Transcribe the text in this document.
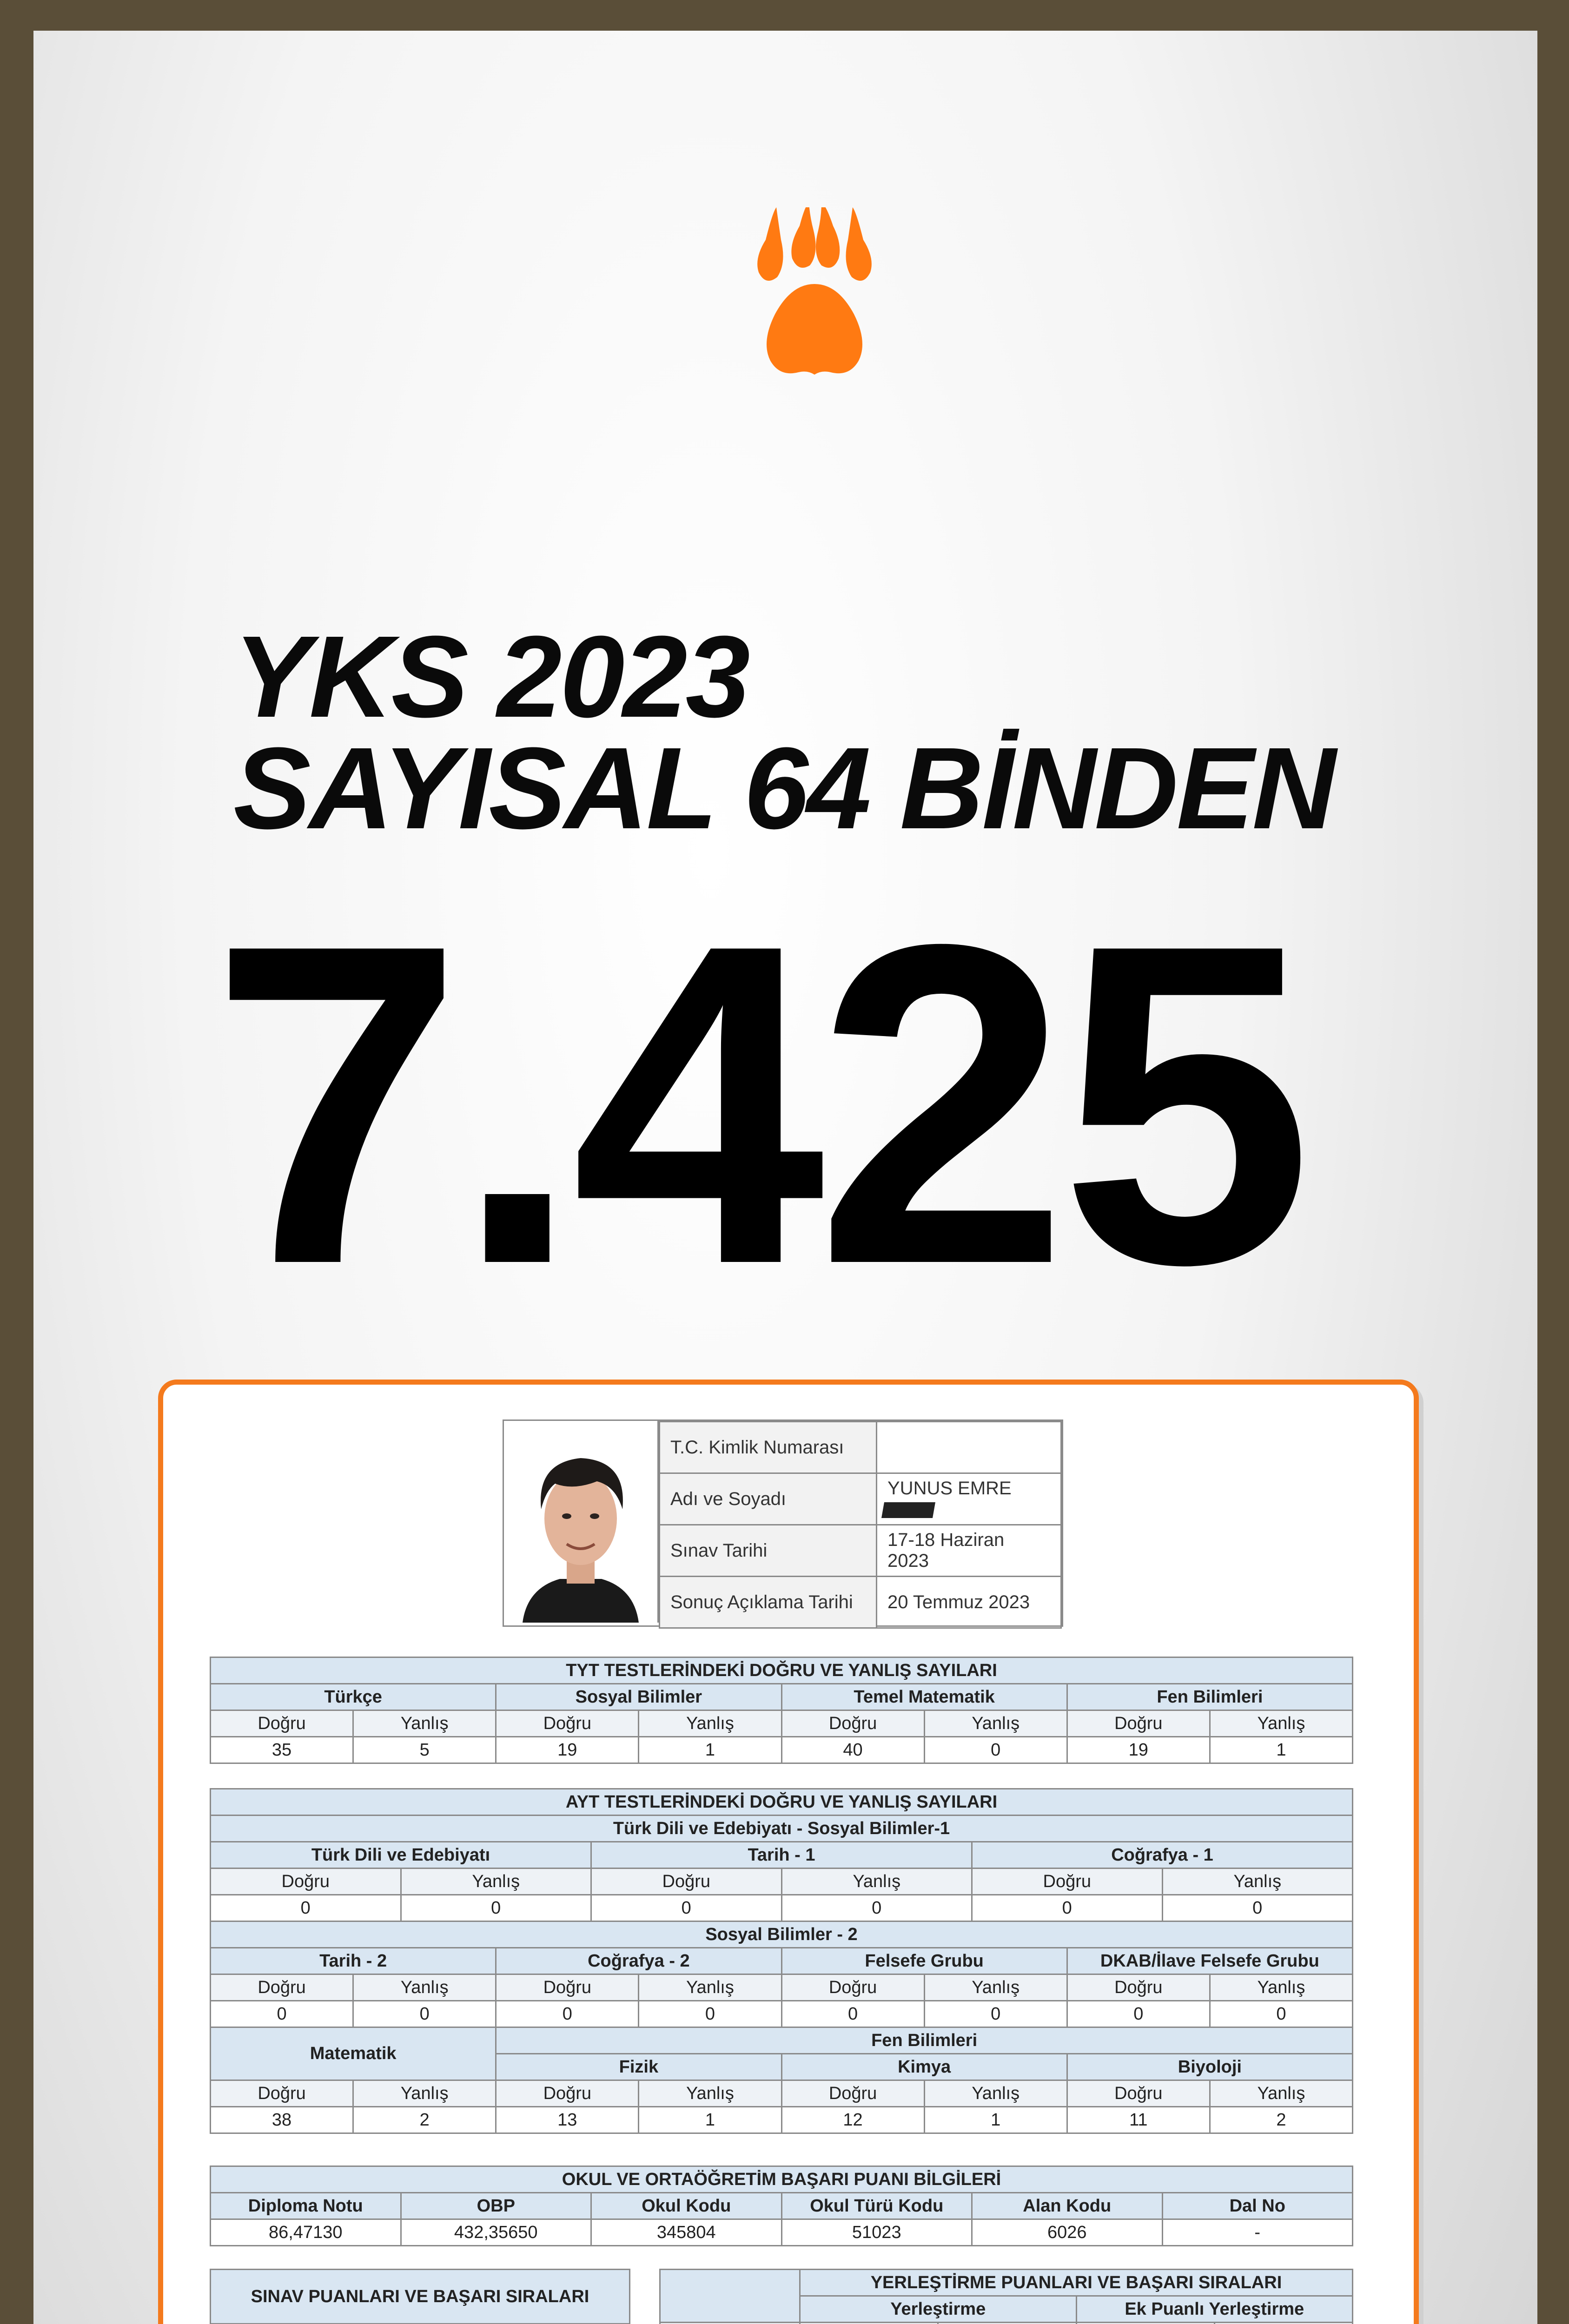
YKS 2023
SAYISAL 64 BİNDEN
7.425
T.C. Kimlik Numarası	
Adı ve Soyadı	YUNUS EMRE
Sınav Tarihi	17-18 Haziran 2023
Sonuç Açıklama Tarihi	20 Temmuz 2023
TYT TESTLERİNDEKİ DOĞRU VE YANLIŞ SAYILARI							
Türkçe		Sosyal Bilimler		Temel Matematik		Fen Bilimleri	
Doğru	Yanlış	Doğru	Yanlış	Doğru	Yanlış	Doğru	Yanlış
35	5	19	1	40	0	19	1
AYT TESTLERİNDEKİ DOĞRU VE YANLIŞ SAYILARI											
Türk Dili ve Edebiyatı - Sosyal Bilimler-1											
Türk Dili ve Edebiyatı				Tarih - 1				Coğrafya - 1			
Doğru		Yanlış		Doğru		Yanlış		Doğru		Yanlış	
0		0		0		0		0		0	
Sosyal Bilimler - 2											
Tarih - 2			Coğrafya - 2			Felsefe Grubu			DKAB/İlave Felsefe Grubu		
Doğru	Yanlış		Doğru		Yanlış	Doğru	Yanlış		Doğru		Yanlış
0	0		0		0	0	0		0		0
Matematik			Fen Bilimleri								
			Fizik			Kimya			Biyoloji		
Doğru	Yanlış		Doğru		Yanlış	Doğru	Yanlış		Doğru		Yanlış
38	2		13		1	12	1		11		2
OKUL VE ORTAÖĞRETİM BAŞARI PUANI BİLGİLERİ					
Diploma Notu	OBP	Okul Kodu	Okul Türü Kodu	Alan Kodu	Dal No
86,47130	432,35650	345804	51023	6026	-
SINAV PUANLARI VE BAŞARI SIRALARI		

	YERLEŞTİRME PUANLARI VE BAŞARI SIRALARI			
	Yerleştirme		Ek Puanlı Yerleştirme	
